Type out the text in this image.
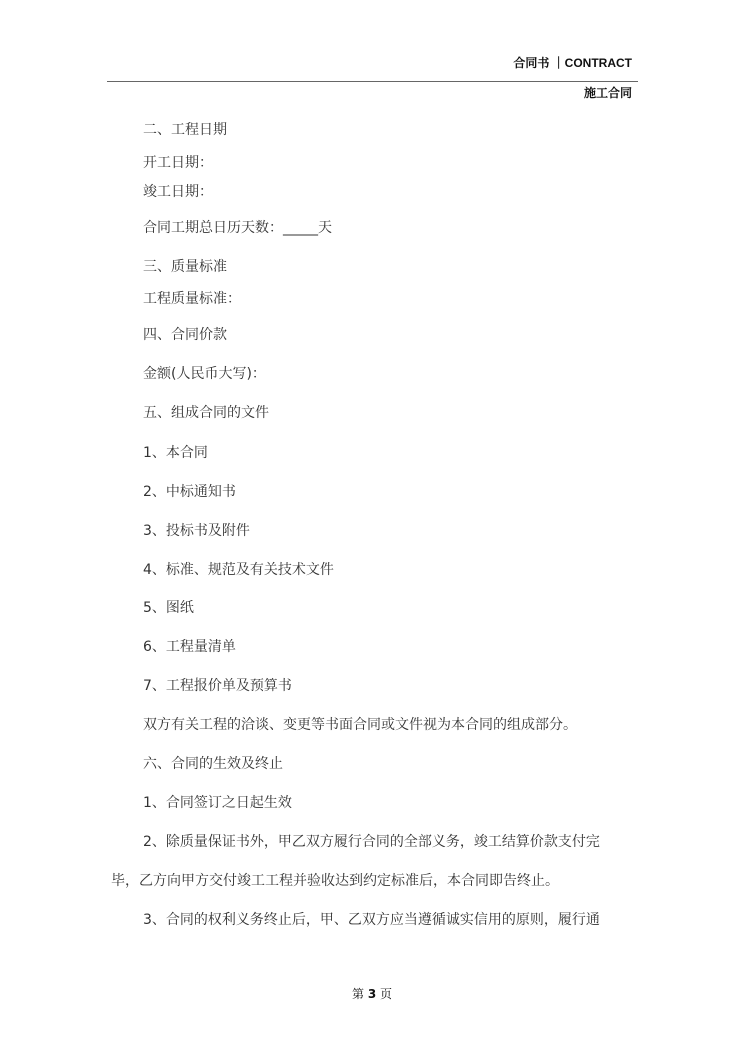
合同书 ｜CONTRACT
施工合同
二、工程日期
开工日期：
竣工日期：
合同工期总日历天数：_____天
三、质量标准
工程质量标准：
四、合同价款
金额(人民币大写)：
五、组成合同的文件
1、本合同
2、中标通知书
3、投标书及附件
4、标准、规范及有关技术文件
5、图纸
6、工程量清单
7、工程报价单及预算书
双方有关工程的洽谈、变更等书面合同或文件视为本合同的组成部分。
六、合同的生效及终止
1、合同签订之日起生效
2、除质量保证书外，甲乙双方履行合同的全部义务，竣工结算价款支付完
毕，乙方向甲方交付竣工工程并验收达到约定标准后，本合同即告终止。
3、合同的权利义务终止后，甲、乙双方应当遵循诚实信用的原则，履行通
第 3 页
